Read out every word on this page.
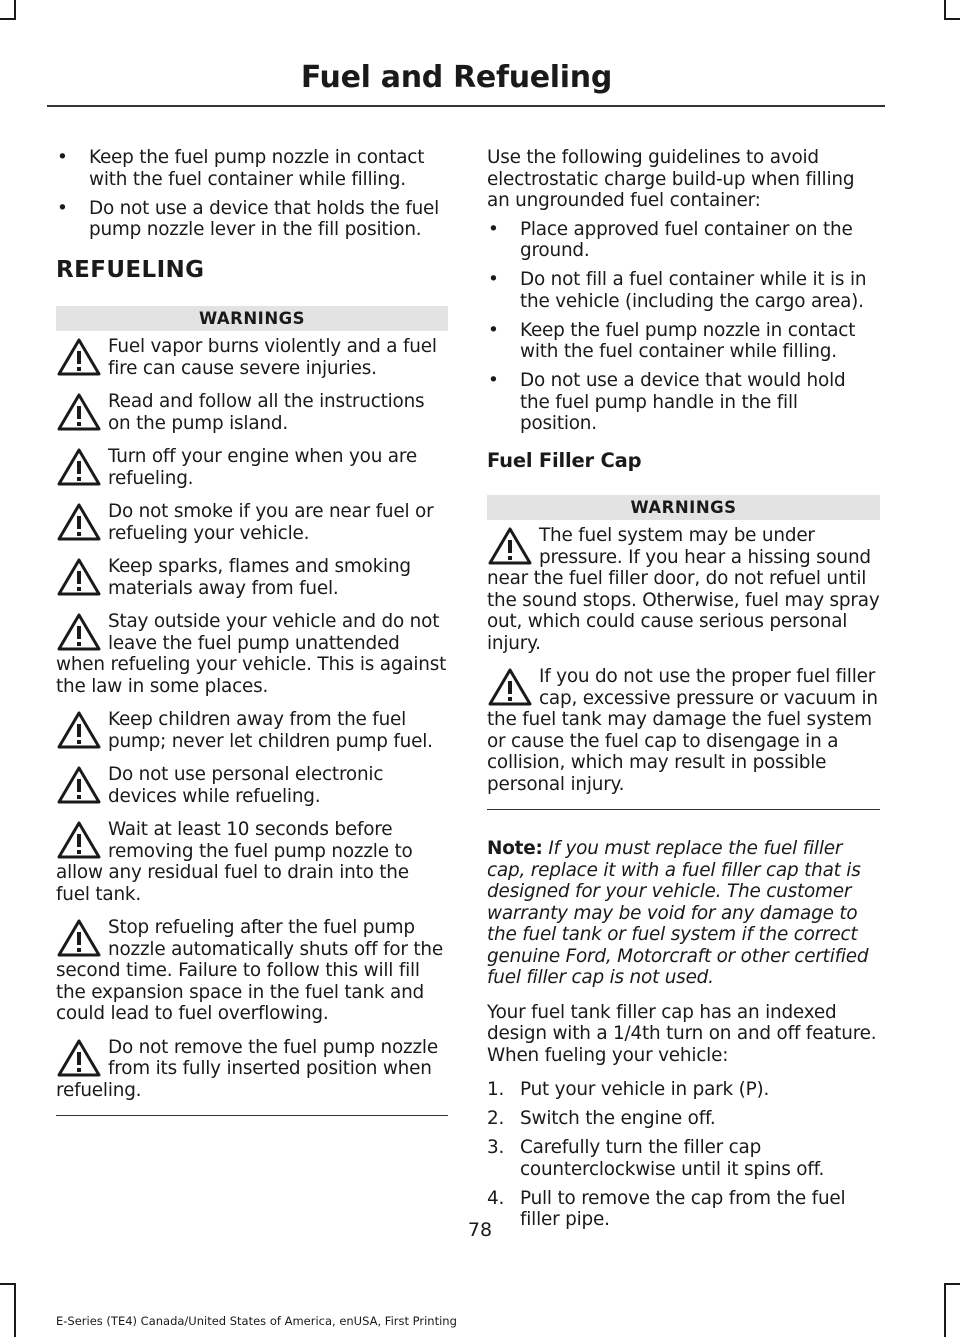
Fuel and Refueling
• Keep the fuel pump nozzle in contact with the fuel container while filling.
• Do not use a device that holds the fuel pump nozzle lever in the fill position.
REFUELING
WARNINGS
Fuel vapor burns violently and a fuel fire can cause severe injuries.
Read and follow all the instructions on the pump island.
Turn off your engine when you are refueling.
Do not smoke if you are near fuel or refueling your vehicle.
Keep sparks, flames and smoking materials away from fuel.
Stay outside your vehicle and do not leave the fuel pump unattended when refueling your vehicle. This is against the law in some places.
Keep children away from the fuel pump; never let children pump fuel.
Do not use personal electronic devices while refueling.
Wait at least 10 seconds before removing the fuel pump nozzle to allow any residual fuel to drain into the fuel tank.
Stop refueling after the fuel pump nozzle automatically shuts off for the second time. Failure to follow this will fill the expansion space in the fuel tank and could lead to fuel overflowing.
Do not remove the fuel pump nozzle from its fully inserted position when refueling.

Use the following guidelines to avoid electrostatic charge build-up when filling an ungrounded fuel container:

• Place approved fuel container on the ground.
• Do not fill a fuel container while it is in the vehicle (including the cargo area).
• Keep the fuel pump nozzle in contact with the fuel container while filling.
• Do not use a device that would hold the fuel pump handle in the fill position.
Fuel Filler Cap
WARNINGS
The fuel system may be under pressure. If you hear a hissing sound near the fuel filler door, do not refuel until the sound stops. Otherwise, fuel may spray out, which could cause serious personal injury.
If you do not use the proper fuel filler cap, excessive pressure or vacuum in the fuel tank may damage the fuel system or cause the fuel cap to disengage in a collision, which may result in possible personal injury.

Note: If you must replace the fuel filler cap, replace it with a fuel filler cap that is designed for your vehicle. The customer warranty may be void for any damage to the fuel tank or fuel system if the correct genuine Ford, Motorcraft or other certified fuel filler cap is not used.

Your fuel tank filler cap has an indexed design with a 1/4th turn on and off feature. When fueling your vehicle:

1. Put your vehicle in park (P).
2. Switch the engine off.
3. Carefully turn the filler cap counterclockwise until it spins off.
4. Pull to remove the cap from the fuel filler pipe.
78
E-Series (TE4) Canada/United States of America, enUSA, First Printing
